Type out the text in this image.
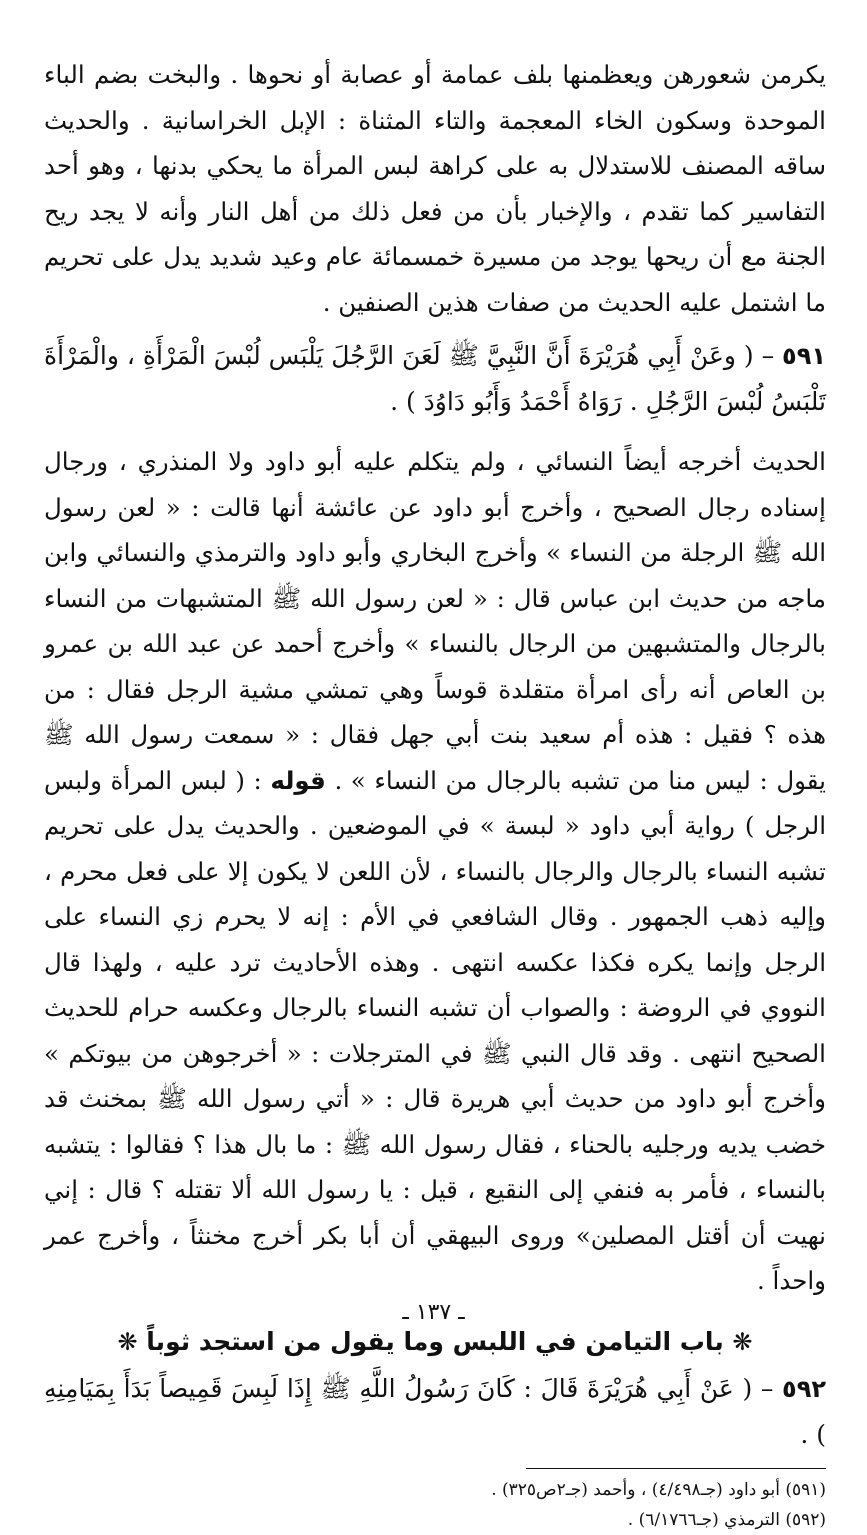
يكرمن شعورهن ويعظمنها بلف عمامة أو عصابة أو نحوها . والبخت بضم الباء الموحدة وسكون الخاء المعجمة والتاء المثناة : الإبل الخراسانية . والحديث ساقه المصنف للاستدلال به على كراهة لبس المرأة ما يحكي بدنها ، وهو أحد التفاسير كما تقدم ، والإخبار بأن من فعل ذلك من أهل النار وأنه لا يجد ريح الجنة مع أن ريحها يوجد من مسيرة خمسمائة عام وعيد شديد يدل على تحريم ما اشتمل عليه الحديث من صفات هذين الصنفين .

٥٩١ – ( وعَنْ أَبِي هُرَيْرَةَ أَنَّ النَّبِيَّ ﷺ لَعَنَ الرَّجُلَ يَلْبَس لُبْسَ الْمَرْأَةِ ، والْمَرْأَةَ تَلْبَسُ لُبْسَ الرَّجُلِ . رَوَاهُ أَحْمَدُ وَأَبُو دَاوُدَ ) .

الحديث أخرجه أيضاً النسائي ، ولم يتكلم عليه أبو داود ولا المنذري ، ورجال إسناده رجال الصحيح ، وأخرج أبو داود عن عائشة أنها قالت : « لعن رسول الله ﷺ الرجلة من النساء » وأخرج البخاري وأبو داود والترمذي والنسائي وابن ماجه من حديث ابن عباس قال : « لعن رسول الله ﷺ المتشبهات من النساء بالرجال والمتشبهين من الرجال بالنساء » وأخرج أحمد عن عبد الله بن عمرو بن العاص أنه رأى امرأة متقلدة قوساً وهي تمشي مشية الرجل فقال : من هذه ؟ فقيل : هذه أم سعيد بنت أبي جهل فقال : « سمعت رسول الله ﷺ يقول : ليس منا من تشبه بالرجال من النساء » . قوله : ( لبس المرأة ولبس الرجل ) رواية أبي داود « لبسة » في الموضعين . والحديث يدل على تحريم تشبه النساء بالرجال والرجال بالنساء ، لأن اللعن لا يكون إلا على فعل محرم ، وإليه ذهب الجمهور . وقال الشافعي في الأم : إنه لا يحرم زي النساء على الرجل وإنما يكره فكذا عكسه انتهى . وهذه الأحاديث ترد عليه ، ولهذا قال النووي في الروضة : والصواب أن تشبه النساء بالرجال وعكسه حرام للحديث الصحيح انتهى . وقد قال النبي ﷺ في المترجلات : « أخرجوهن من بيوتكم » وأخرج أبو داود من حديث أبي هريرة قال : « أتي رسول الله ﷺ بمخنث قد خضب يديه ورجليه بالحناء ، فقال رسول الله ﷺ : ما بال هذا ؟ فقالوا : يتشبه بالنساء ، فأمر به فنفي إلى النقيع ، قيل : يا رسول الله ألا تقتله ؟ قال : إني نهيت أن أقتل المصلين» وروى البيهقي أن أبا بكر أخرج مخنثاً ، وأخرج عمر واحداً .

❋ باب التيامن في اللبس وما يقول من استجد ثوباً ❋

٥٩٢ – ( عَنْ أَبِي هُرَيْرَةَ قَالَ : كَانَ رَسُولُ اللَّهِ ﷺ إِذَا لَبِسَ قَمِيصاً بَدَأَ بِمَيَامِنِهِ ) .

(٥٩١) أبو داود (جـ٤/٤٩٨) ، وأحمد (جـ٢ص٣٢٥) .

(٥٩٢) الترمذي (جـ٦/١٧٦٦) .

ـ ١٣٧ ـ
